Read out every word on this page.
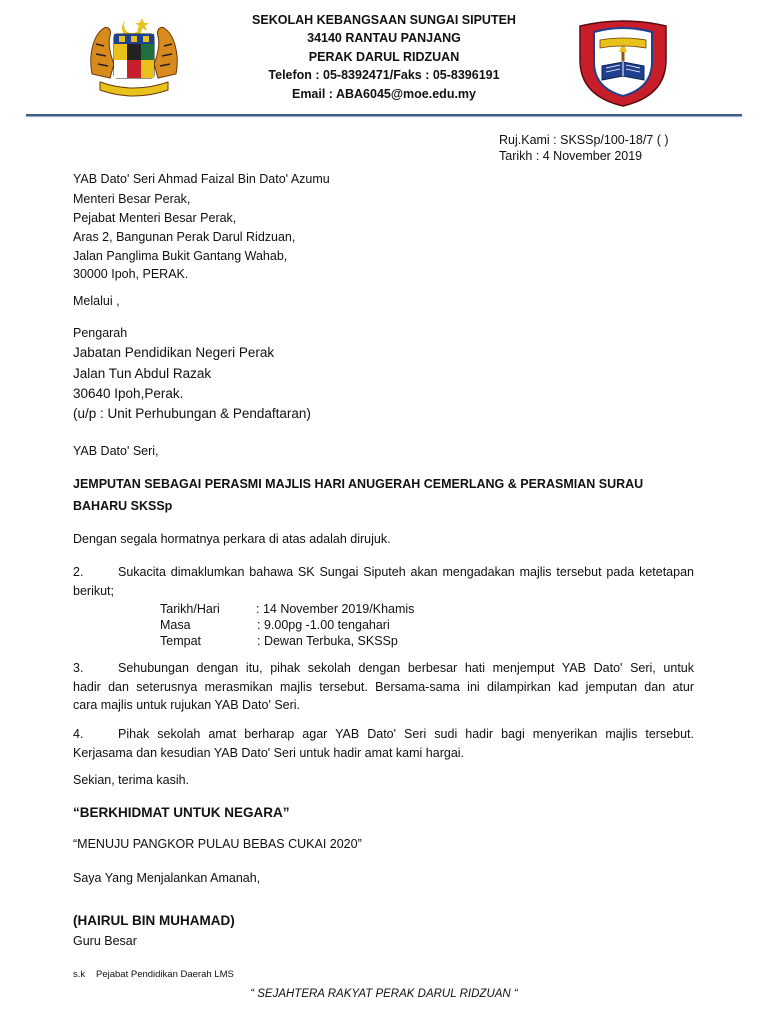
SEKOLAH KEBANGSAAN SUNGAI SIPUTEH
34140 RANTAU PANJANG
PERAK DARUL RIDZUAN
Telefon : 05-8392471/Faks : 05-8396191
Email : ABA6045@moe.edu.my
Ruj.Kami : SKSSp/100-18/7 ( )
Tarikh : 4 November 2019
YAB Dato' Seri Ahmad Faizal Bin Dato' Azumu
Menteri Besar Perak,
Pejabat Menteri Besar Perak,
Aras 2, Bangunan Perak Darul Ridzuan,
Jalan Panglima Bukit Gantang Wahab,
30000 Ipoh, PERAK.
Melalui ,
Pengarah
Jabatan Pendidikan Negeri Perak
Jalan Tun Abdul Razak
30640 Ipoh,Perak.
(u/p : Unit Perhubungan & Pendaftaran)
YAB Dato' Seri,
JEMPUTAN SEBAGAI PERASMI MAJLIS HARI ANUGERAH CEMERLANG & PERASMIAN SURAU
BAHARU SKSSp
Dengan segala hormatnya perkara di atas adalah dirujuk.
2.	Sukacita dimaklumkan bahawa SK Sungai Siputeh akan mengadakan majlis tersebut pada ketetapan
berikut;
Tarikh/Hari	: 14 November 2019/Khamis
Masa	: 9.00pg -1.00 tengahari
Tempat	: Dewan Terbuka, SKSSp
3.	Sehubungan dengan itu, pihak sekolah dengan berbesar hati menjemput YAB Dato' Seri, untuk
hadir dan seterusnya merasmikan majlis tersebut. Bersama-sama ini dilampirkan kad jemputan dan atur
cara majlis untuk rujukan YAB Dato' Seri.
4.	Pihak sekolah amat berharap agar YAB Dato' Seri sudi hadir bagi menyerikan majlis tersebut.
Kerjasama dan kesudian YAB Dato' Seri untuk hadir amat kami hargai.
Sekian, terima kasih.
“BERKHIDMAT UNTUK NEGARA”
“MENUJU PANGKOR PULAU BEBAS CUKAI 2020”
Saya Yang Menjalankan Amanah,
(HAIRUL BIN MUHAMAD)
Guru Besar
s.k Pejabat Pendidikan Daerah LMS
“ SEJAHTERA RAKYAT PERAK DARUL RIDZUAN “
